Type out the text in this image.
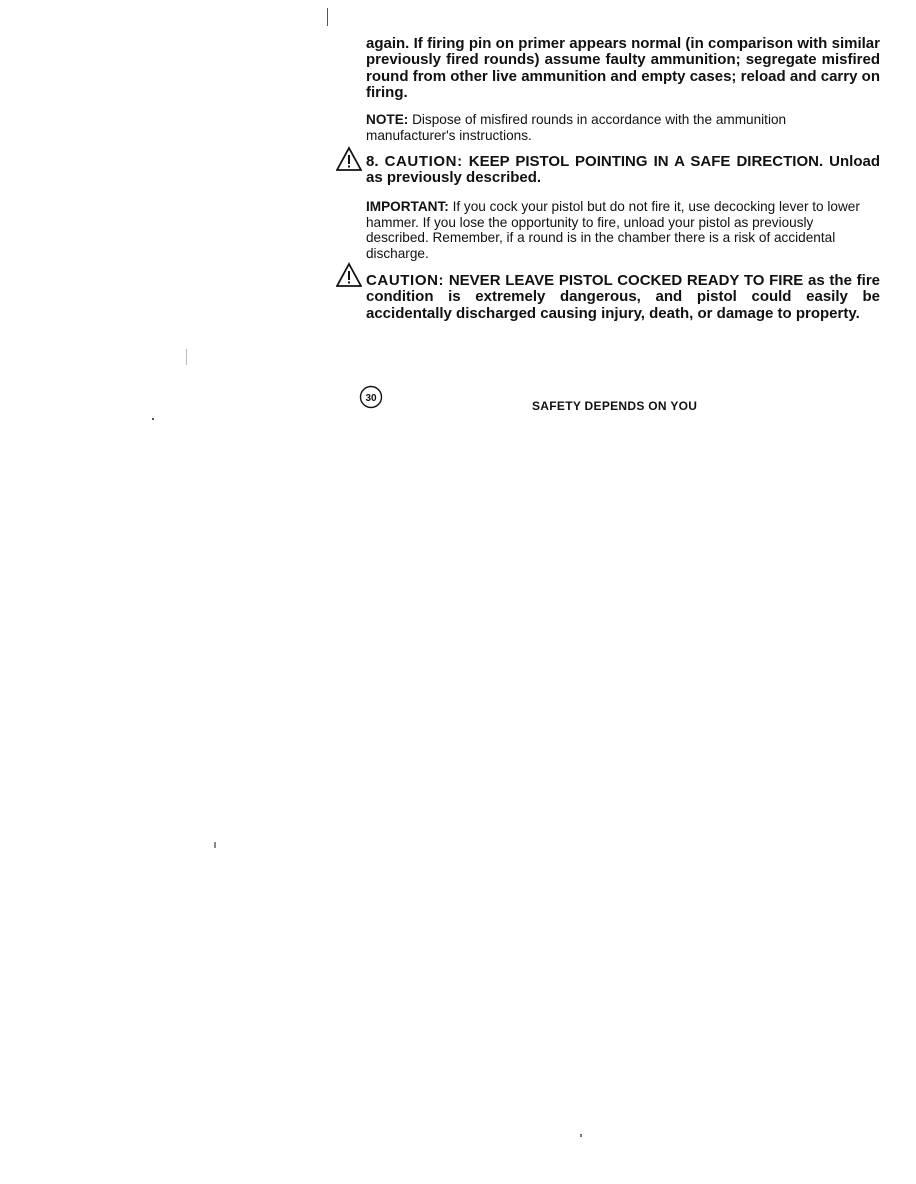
again. If firing pin on primer appears normal (in comparison with similar previously fired rounds) assume faulty ammunition; segregate misfired round from other live ammunition and empty cases; reload and carry on firing.

NOTE: Dispose of misfired rounds in accordance with the ammunition manufacturer's instructions.

8. CAUTION: KEEP PISTOL POINTING IN A SAFE DIRECTION. Unload as previously described.

IMPORTANT: If you cock your pistol but do not fire it, use decocking lever to lower hammer. If you lose the opportunity to fire, unload your pistol as previously described. Remember, if a round is in the chamber there is a risk of accidental discharge.

CAUTION: NEVER LEAVE PISTOL COCKED READY TO FIRE as the fire condition is extremely dangerous, and pistol could easily be accidentally discharged causing injury, death, or damage to property.

30
SAFETY DEPENDS ON YOU
